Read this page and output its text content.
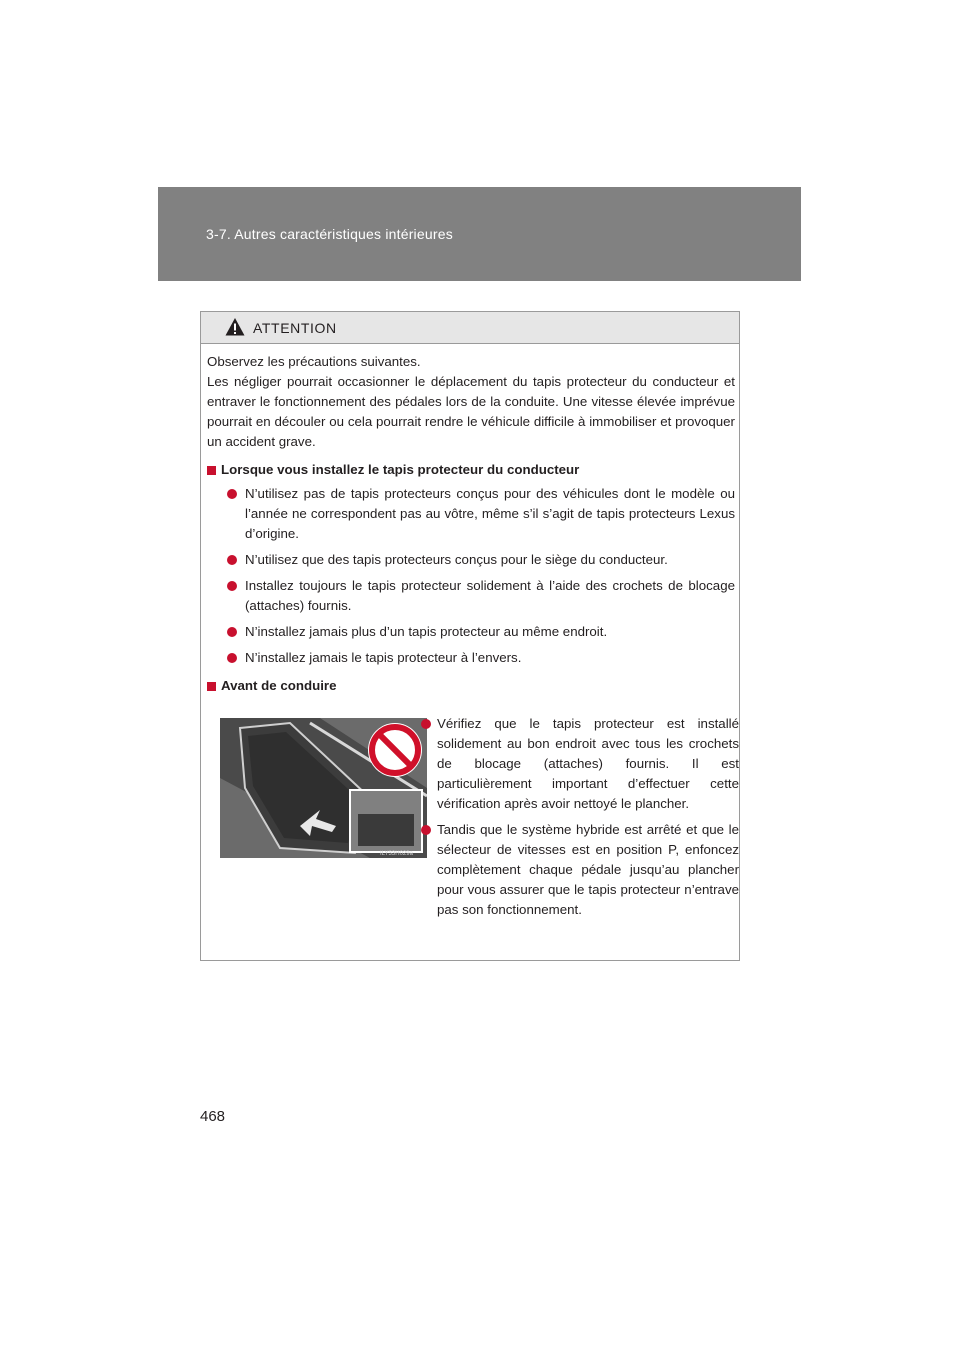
3-7. Autres caractéristiques intérieures
ATTENTION

Observez les précautions suivantes.

Les négliger pourrait occasionner le déplacement du tapis protecteur du conducteur et entraver le fonctionnement des pédales lors de la conduite. Une vitesse élevée imprévue pourrait en découler ou cela pourrait rendre le véhicule difficile à immobiliser et provoquer un accident grave.

Lorsque vous installez le tapis protecteur du conducteur
N’utilisez pas de tapis protecteurs conçus pour des véhicules dont le modèle ou l’année ne correspondent pas au vôtre, même s’il s’agit de tapis protecteurs Lexus d’origine.
N’utilisez que des tapis protecteurs conçus pour le siège du conducteur.
Installez toujours le tapis protecteur solidement à l’aide des crochets de blocage (attaches) fournis.
N’installez jamais plus d’un tapis protecteur au même endroit.
N’installez jamais le tapis protecteur à l’envers.
Avant de conduire
ILY33H029a
Vérifiez que le tapis protecteur est installé solidement au bon endroit avec tous les crochets de blocage (attaches) fournis. Il est particulièrement important d’effectuer cette vérification après avoir nettoyé le plancher.
Tandis que le système hybride est arrêté et que le sélecteur de vitesses est en position P, enfoncez complètement chaque pédale jusqu’au plancher pour vous assurer que le tapis protecteur n’entrave pas son fonctionnement.
468
